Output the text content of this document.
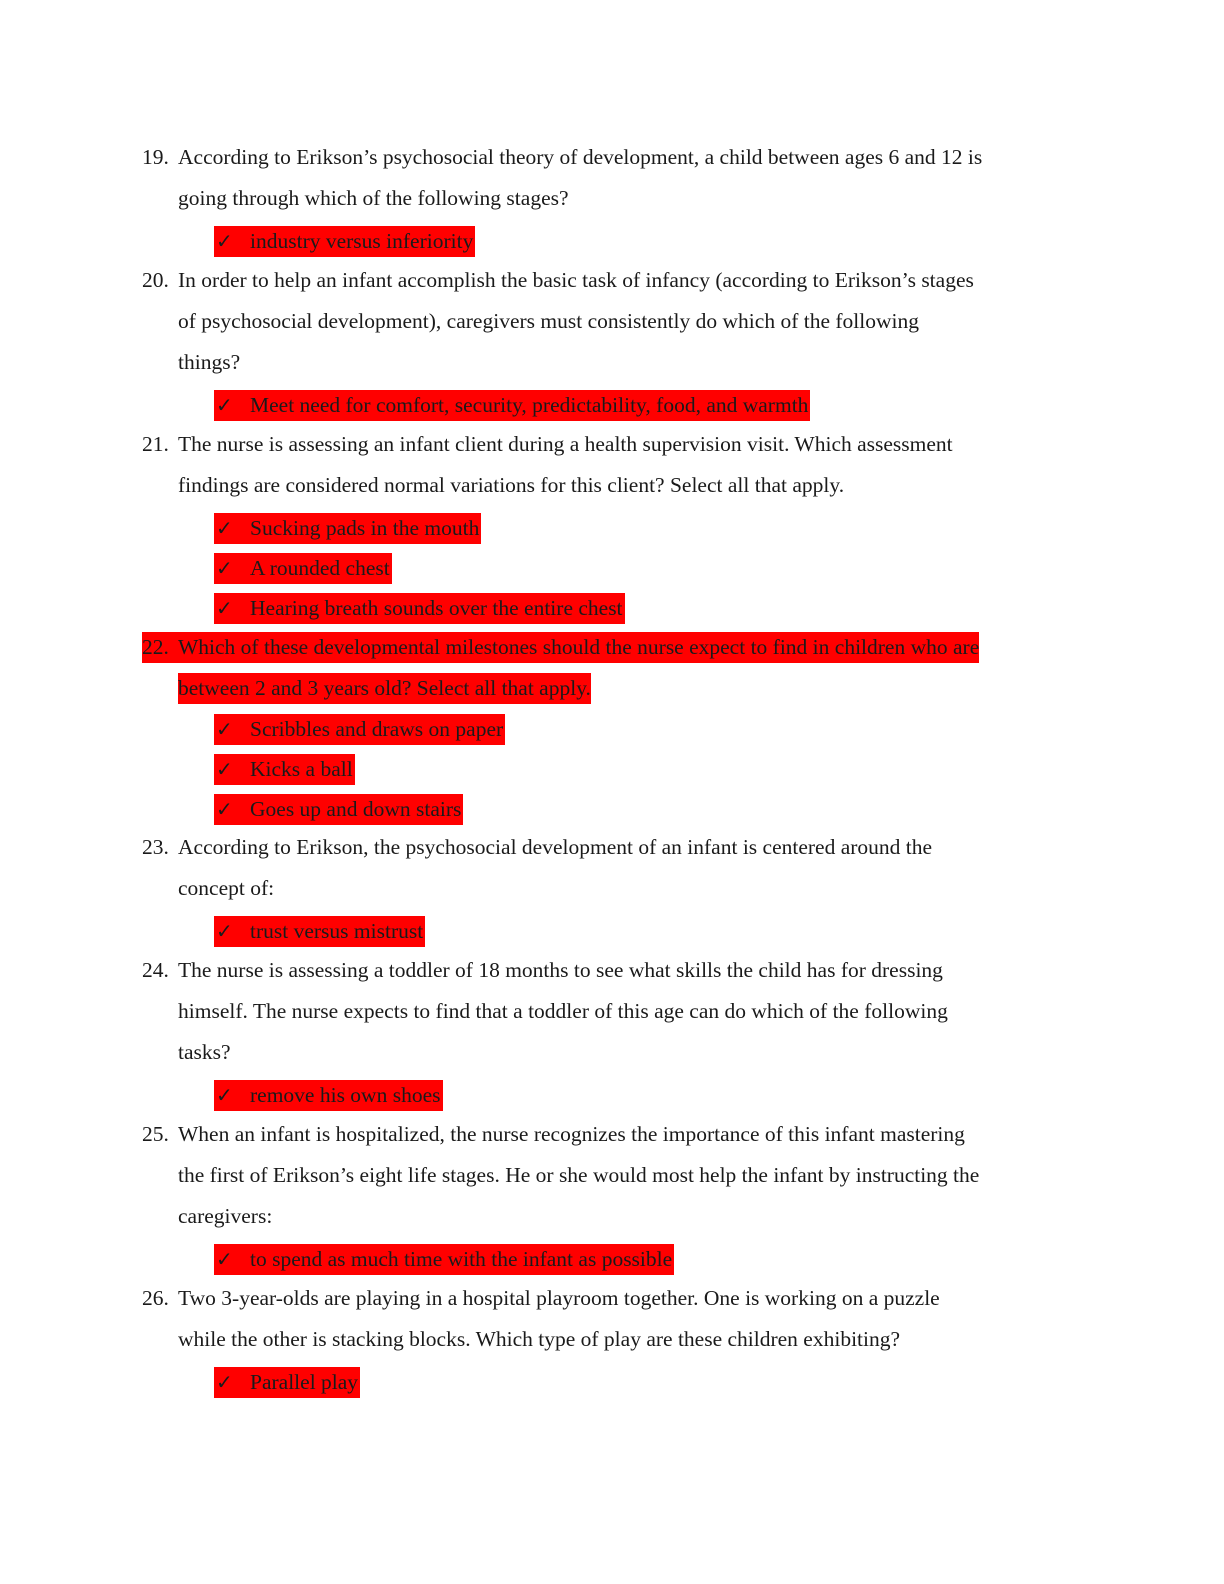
19. According to Erikson’s psychosocial theory of development, a child between ages 6 and 12 is
going through which of the following stages?
✓ industry versus inferiority
20. In order to help an infant accomplish the basic task of infancy (according to Erikson’s stages
of psychosocial development), caregivers must consistently do which of the following
things?
✓ Meet need for comfort, security, predictability, food, and warmth
21. The nurse is assessing an infant client during a health supervision visit. Which assessment
findings are considered normal variations for this client? Select all that apply.
✓ Sucking pads in the mouth
✓ A rounded chest
✓ Hearing breath sounds over the entire chest
22. Which of these developmental milestones should the nurse expect to find in children who are
between 2 and 3 years old? Select all that apply.
✓ Scribbles and draws on paper
✓ Kicks a ball
✓ Goes up and down stairs
23. According to Erikson, the psychosocial development of an infant is centered around the
concept of:
✓ trust versus mistrust
24. The nurse is assessing a toddler of 18 months to see what skills the child has for dressing
himself. The nurse expects to find that a toddler of this age can do which of the following
tasks?
✓ remove his own shoes
25. When an infant is hospitalized, the nurse recognizes the importance of this infant mastering
the first of Erikson’s eight life stages. He or she would most help the infant by instructing the
caregivers:
✓ to spend as much time with the infant as possible
26. Two 3-year-olds are playing in a hospital playroom together. One is working on a puzzle
while the other is stacking blocks. Which type of play are these children exhibiting?
✓ Parallel play
